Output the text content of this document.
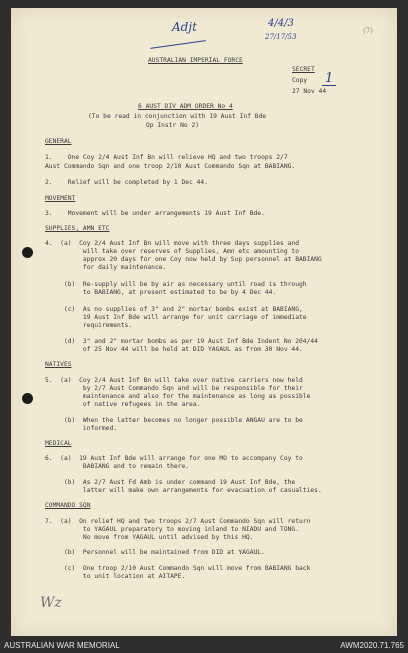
Adjt	4/4/3
27/17/53
(7)
1
Wz
AUSTRALIAN IMPERIAL FORCE
SECRET
Copy
27 Nov 44
6 AUST DIV ADM ORDER No 4
(To be read in conjunction with 19 Aust Inf Bde
Op Instr No 2)
GENERAL
1.    One Coy 2/4 Aust Inf Bn will relieve HQ and two troops 2/7
Aust Commando Sqn and one troop 2/10 Aust Commando Sqn at BABIANG.
2.    Relief will be completed by 1 Dec 44.
MOVEMENT
3.    Movement will be under arrangements 19 Aust Inf Bde.
SUPPLIES, AMN ETC
4.  (a)  Coy 2/4 Aust Inf Bn will move with three days supplies and
will take over reserves of Supplies, Amn etc amounting to
approx 20 days for one Coy now held by Sup personnel at BABIANG
for daily maintenance.
(b)  Re-supply will be by air as necessary until road is through
to BABIANG, at present estimated to be by 4 Dec 44.
(c)  As no supplies of 3" and 2" mortar bombs exist at BABIANG,
19 Aust Inf Bde will arrange for unit carriage of immediate
requirements.
(d)  3" and 2" mortar bombs as per 19 Aust Inf Bde Indent No 204/44
of 25 Nov 44 will be held at DID YAGAUL as from 30 Nov 44.
NATIVES
5.  (a)  Coy 2/4 Aust Inf Bn will take over native carriers now held
by 2/7 Aust Commando Sqn and will be responsible for their
maintenance and also for the maintenance as long as possible
of native refugees in the area.
(b)  When the latter becomes no longer possible ANGAU are to be
informed.
MEDICAL
6.  (a)  19 Aust Inf Bde will arrange for one MO to accompany Coy to
BABIANG and to remain there.
(b)  As 2/7 Aust Fd Amb is under command 19 Aust Inf Bde, the
latter will make own arrangements for evacuation of casualties.
COMMANDO SQN
7.  (a)  On relief HQ and two troops 2/7 Aust Commando Sqn will return
to YAGAUL preparatory to moving inland to NIADU and TONG.
No move from YAGAUL until advised by this HQ.
(b)  Personnel will be maintained from DID at YAGAUL.
(c)  One troop 2/10 Aust Commando Sqn will move from BABIANG back
to unit location at AITAPE.
AUSTRALIAN WAR MEMORIAL	AWM2020.71.765
